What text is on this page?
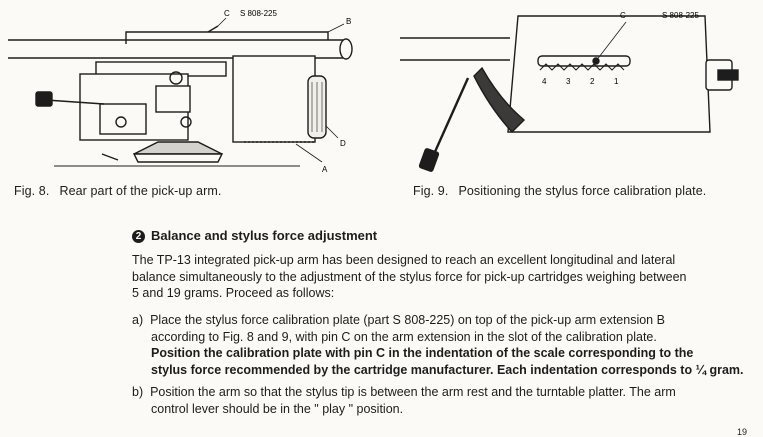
C S 808-225
B
D
A
C	S 808-225
4 3 2 1
Fig. 8. Rear part of the pick-up arm.	Fig. 9. Positioning the stylus force calibration plate.
2 Balance and stylus force adjustment
The TP-13 integrated pick-up arm has been designed to reach an excellent longitudinal and lateral
balance simultaneously to the adjustment of the stylus force for pick-up cartridges weighing between
5 and 19 grams. Proceed as follows:
a) Place the stylus force calibration plate (part S 808-225) on top of the pick-up arm extension B
according to Fig. 8 and 9, with pin C on the arm extension in the slot of the calibration plate.
Position the calibration plate with pin C in the indentation of the scale corresponding to the
stylus force recommended by the cartridge manufacturer. Each indentation corresponds to ¼ gram.
b) Position the arm so that the stylus tip is between the arm rest and the turntable platter. The arm
control lever should be in the " play " position.
19
